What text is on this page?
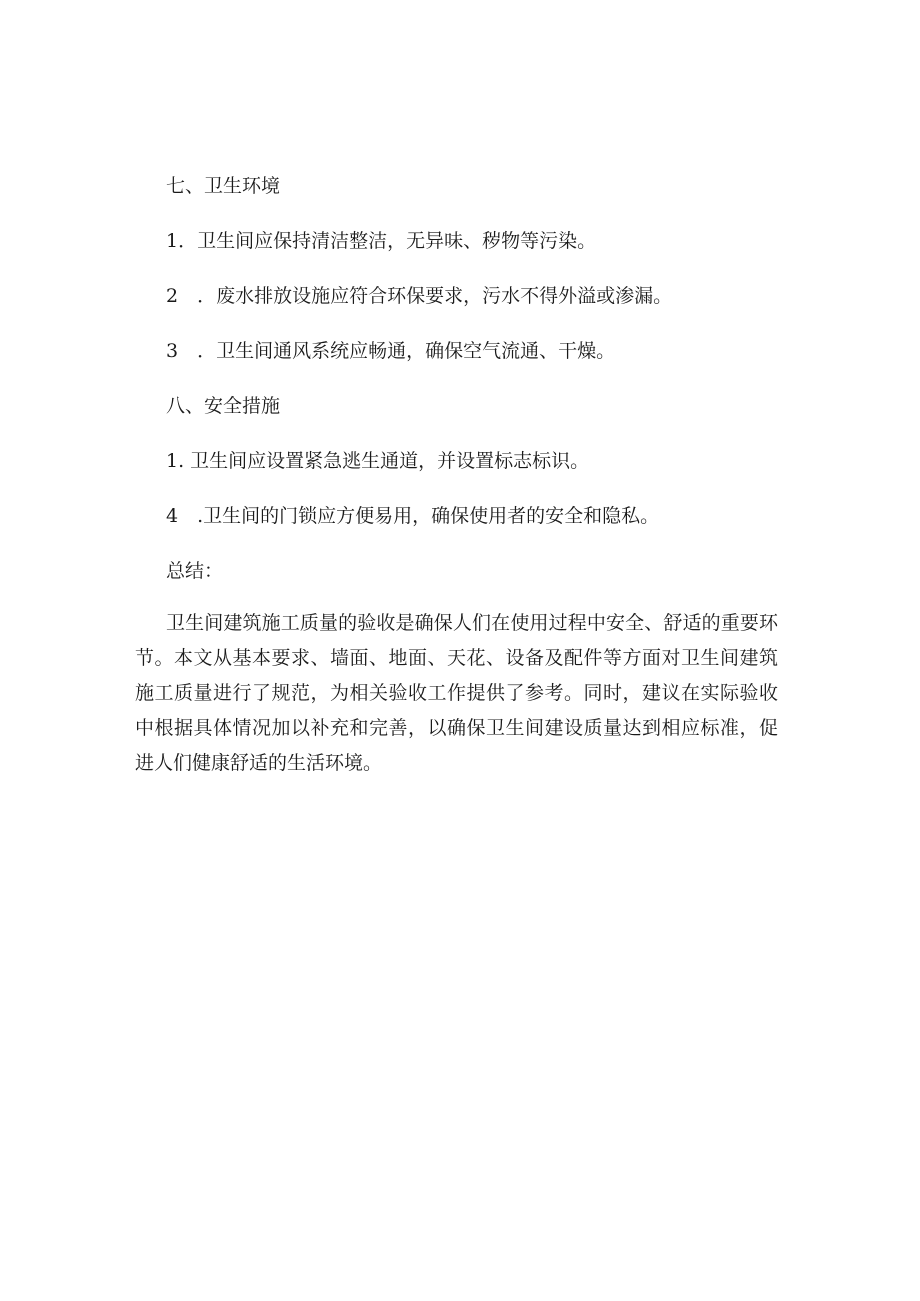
七、卫生环境
1．卫生间应保持清洁整洁，无异味、秽物等污染。
2　．废水排放设施应符合环保要求，污水不得外溢或渗漏。
3　．卫生间通风系统应畅通，确保空气流通、干燥。
八、安全措施
1. 卫生间应设置紧急逃生通道，并设置标志标识。
4　.卫生间的门锁应方便易用，确保使用者的安全和隐私。
总结：

卫生间建筑施工质量的验收是确保人们在使用过程中安全、舒适的重要环节。本文从基本要求、墙面、地面、天花、设备及配件等方面对卫生间建筑施工质量进行了规范，为相关验收工作提供了参考。同时，建议在实际验收中根据具体情况加以补充和完善，以确保卫生间建设质量达到相应标准，促进人们健康舒适的生活环境。
